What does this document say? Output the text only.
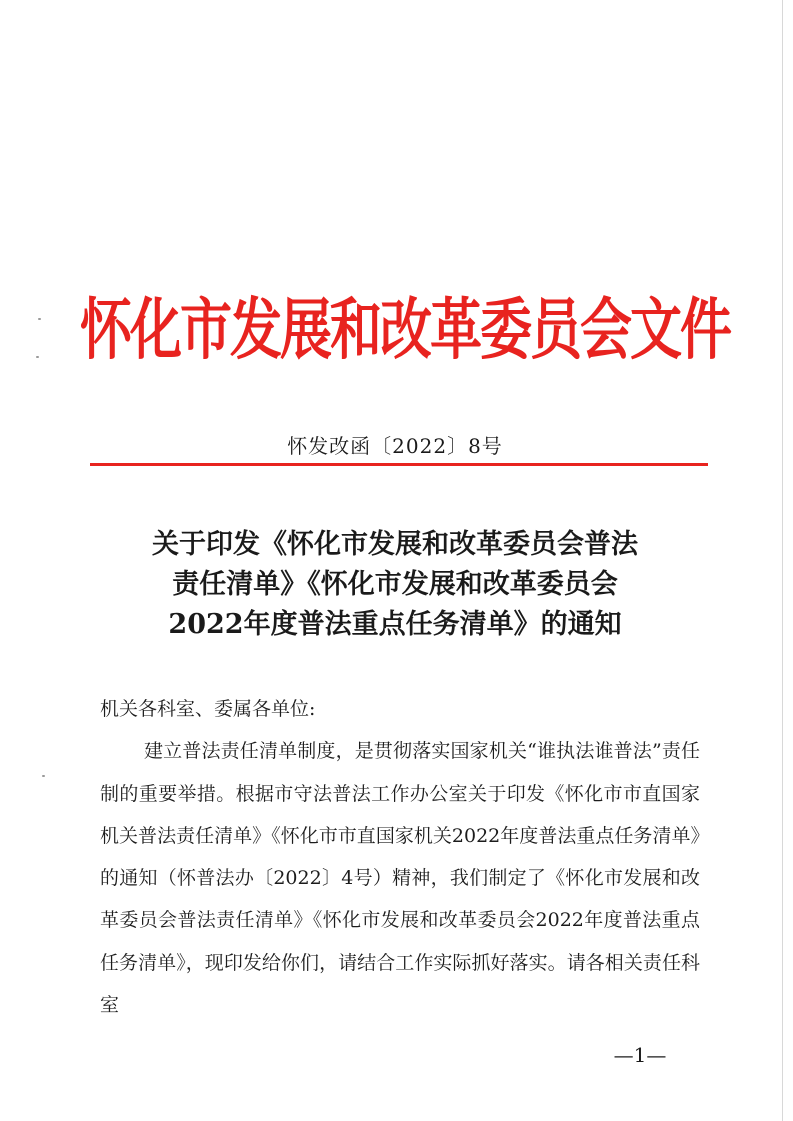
怀化市发展和改革委员会文件
怀发改函〔2022〕8号
关于印发《怀化市发展和改革委员会普法
责任清单》《怀化市发展和改革委员会
2022年度普法重点任务清单》的通知

机关各科室、委属各单位:

建立普法责任清单制度，是贯彻落实国家机关“谁执法谁普法”责任制的重要举措。根据市守法普法工作办公室关于印发《怀化市市直国家机关普法责任清单》《怀化市市直国家机关2022年度普法重点任务清单》的通知（怀普法办〔2022〕4号）精神，我们制定了《怀化市发展和改革委员会普法责任清单》《怀化市发展和改革委员会2022年度普法重点任务清单》，现印发给你们，请结合工作实际抓好落实。请各相关责任科室

—1—
